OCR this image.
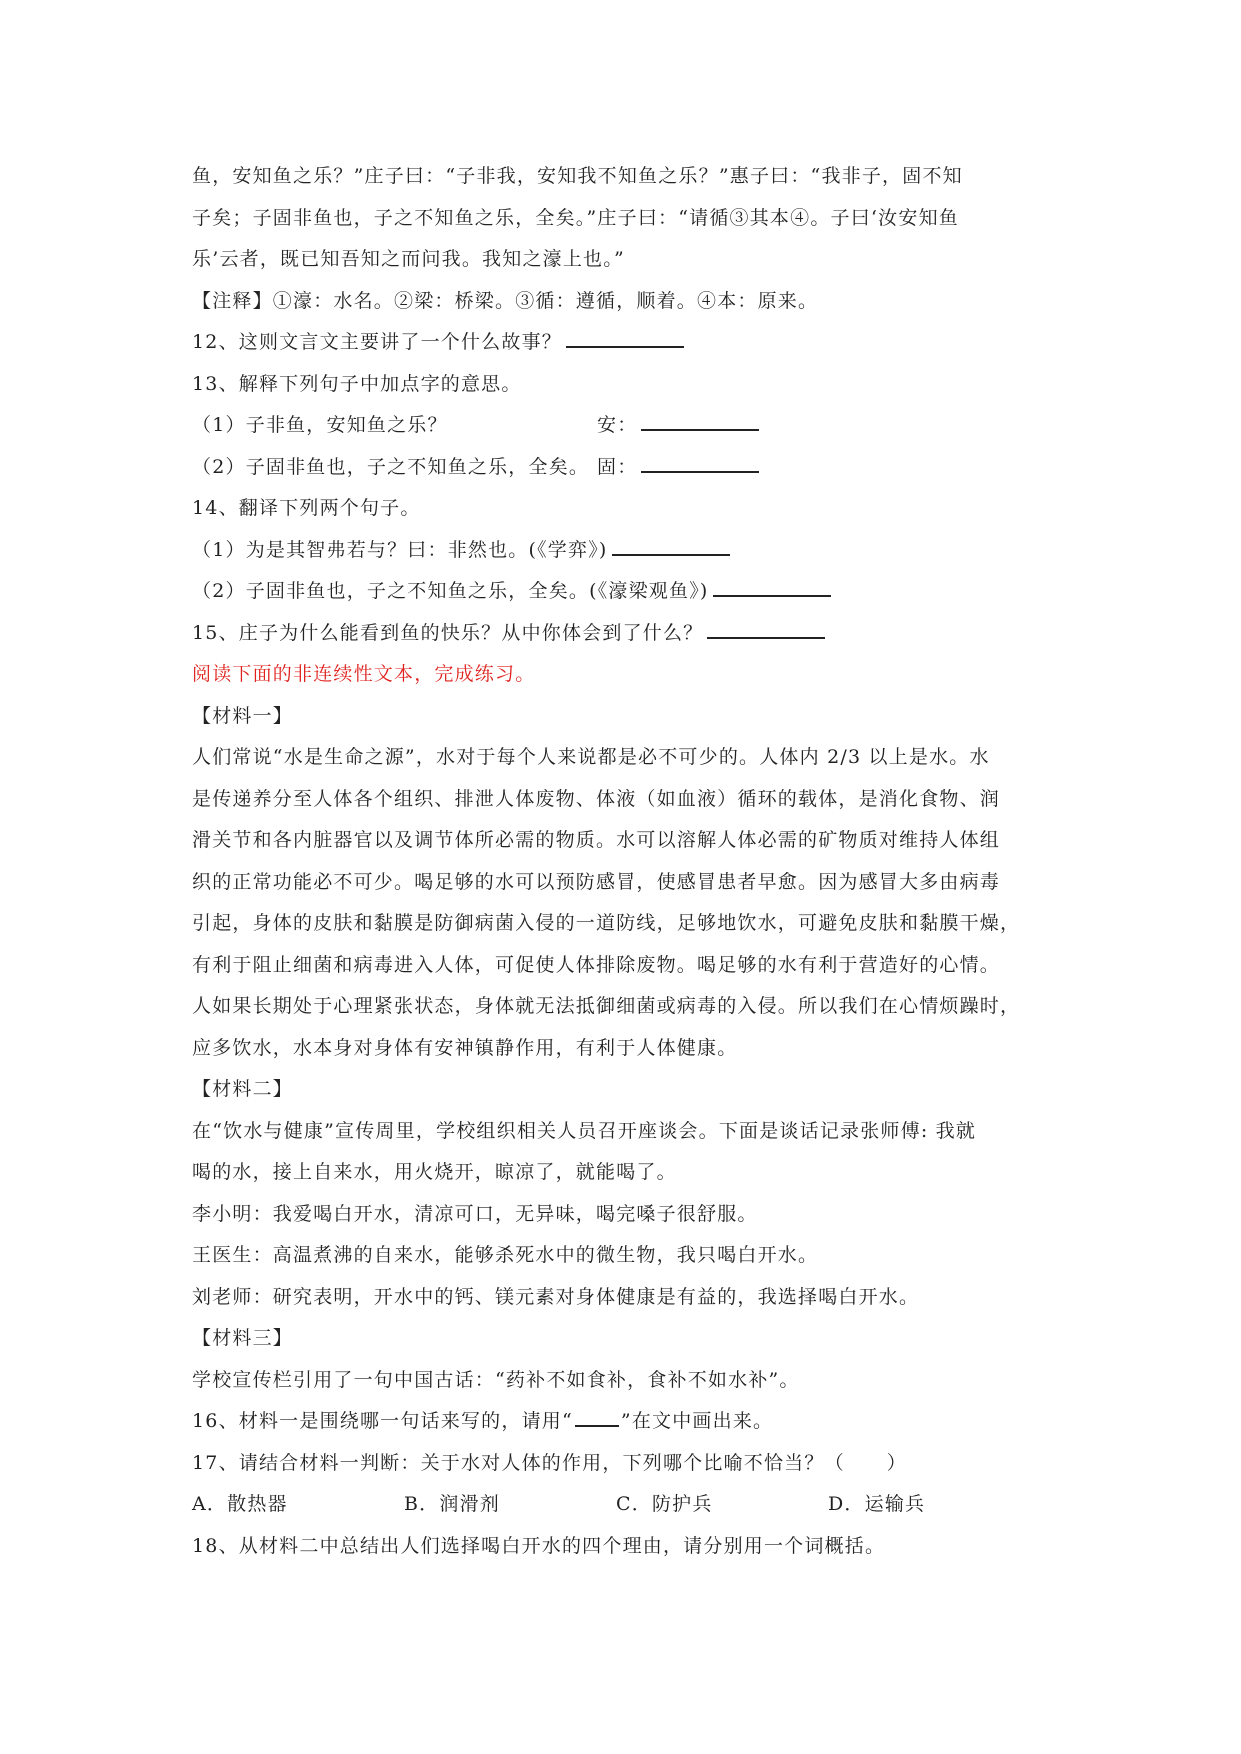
鱼，安知鱼之乐？”庄子曰：“子非我，安知我不知鱼之乐？”惠子曰：“我非子，固不知
子矣；子固非鱼也，子之不知鱼之乐，全矣。”庄子曰：“请循③其本④。子曰‘汝安知鱼
乐’云者，既已知吾知之而问我。我知之濠上也。”
【注释】①濠：水名。②梁：桥梁。③循：遵循，顺着。④本：原来。
12、这则文言文主要讲了一个什么故事？
13、解释下列句子中加点字的意思。
（1）子非鱼，安知鱼之乐？	安：
（2）子固非鱼也，子之不知鱼之乐，全矣。 固：
14、翻译下列两个句子。
（1）为是其智弗若与？曰：非然也。(《学弈》)
（2）子固非鱼也，子之不知鱼之乐，全矣。(《濠梁观鱼》)
15、庄子为什么能看到鱼的快乐？从中你体会到了什么？
阅读下面的非连续性文本，完成练习。
【材料一】
人们常说“水是生命之源”，水对于每个人来说都是必不可少的。人体内 2/3 以上是水。水
是传递养分至人体各个组织、排泄人体废物、体液（如血液）循环的载体，是消化食物、润
滑关节和各内脏器官以及调节体所必需的物质。水可以溶解人体必需的矿物质对维持人体组
织的正常功能必不可少。喝足够的水可以预防感冒，使感冒患者早愈。因为感冒大多由病毒
引起，身体的皮肤和黏膜是防御病菌入侵的一道防线，足够地饮水，可避免皮肤和黏膜干燥，
有利于阻止细菌和病毒进入人体，可促使人体排除废物。喝足够的水有利于营造好的心情。
人如果长期处于心理紧张状态，身体就无法抵御细菌或病毒的入侵。所以我们在心情烦躁时，
应多饮水，水本身对身体有安神镇静作用，有利于人体健康。
【材料二】
在“饮水与健康”宣传周里，学校组织相关人员召开座谈会。下面是谈话记录张师傅: 我就
喝的水，接上自来水，用火烧开，晾凉了，就能喝了。
李小明：我爱喝白开水，清凉可口，无异味，喝完嗓子很舒服。
王医生：高温煮沸的自来水，能够杀死水中的微生物，我只喝白开水。
刘老师：研究表明，开水中的钙、镁元素对身体健康是有益的，我选择喝白开水。
【材料三】
学校宣传栏引用了一句中国古话：“药补不如食补，食补不如水补”。
16、材料一是围绕哪一句话来写的，请用“	”在文中画出来。
17、请结合材料一判断：关于水对人体的作用，下列哪个比喻不恰当？（ ）
A．散热器	B．润滑剂	C．防护兵	D．运输兵
18、从材料二中总结出人们选择喝白开水的四个理由，请分别用一个词概括。
